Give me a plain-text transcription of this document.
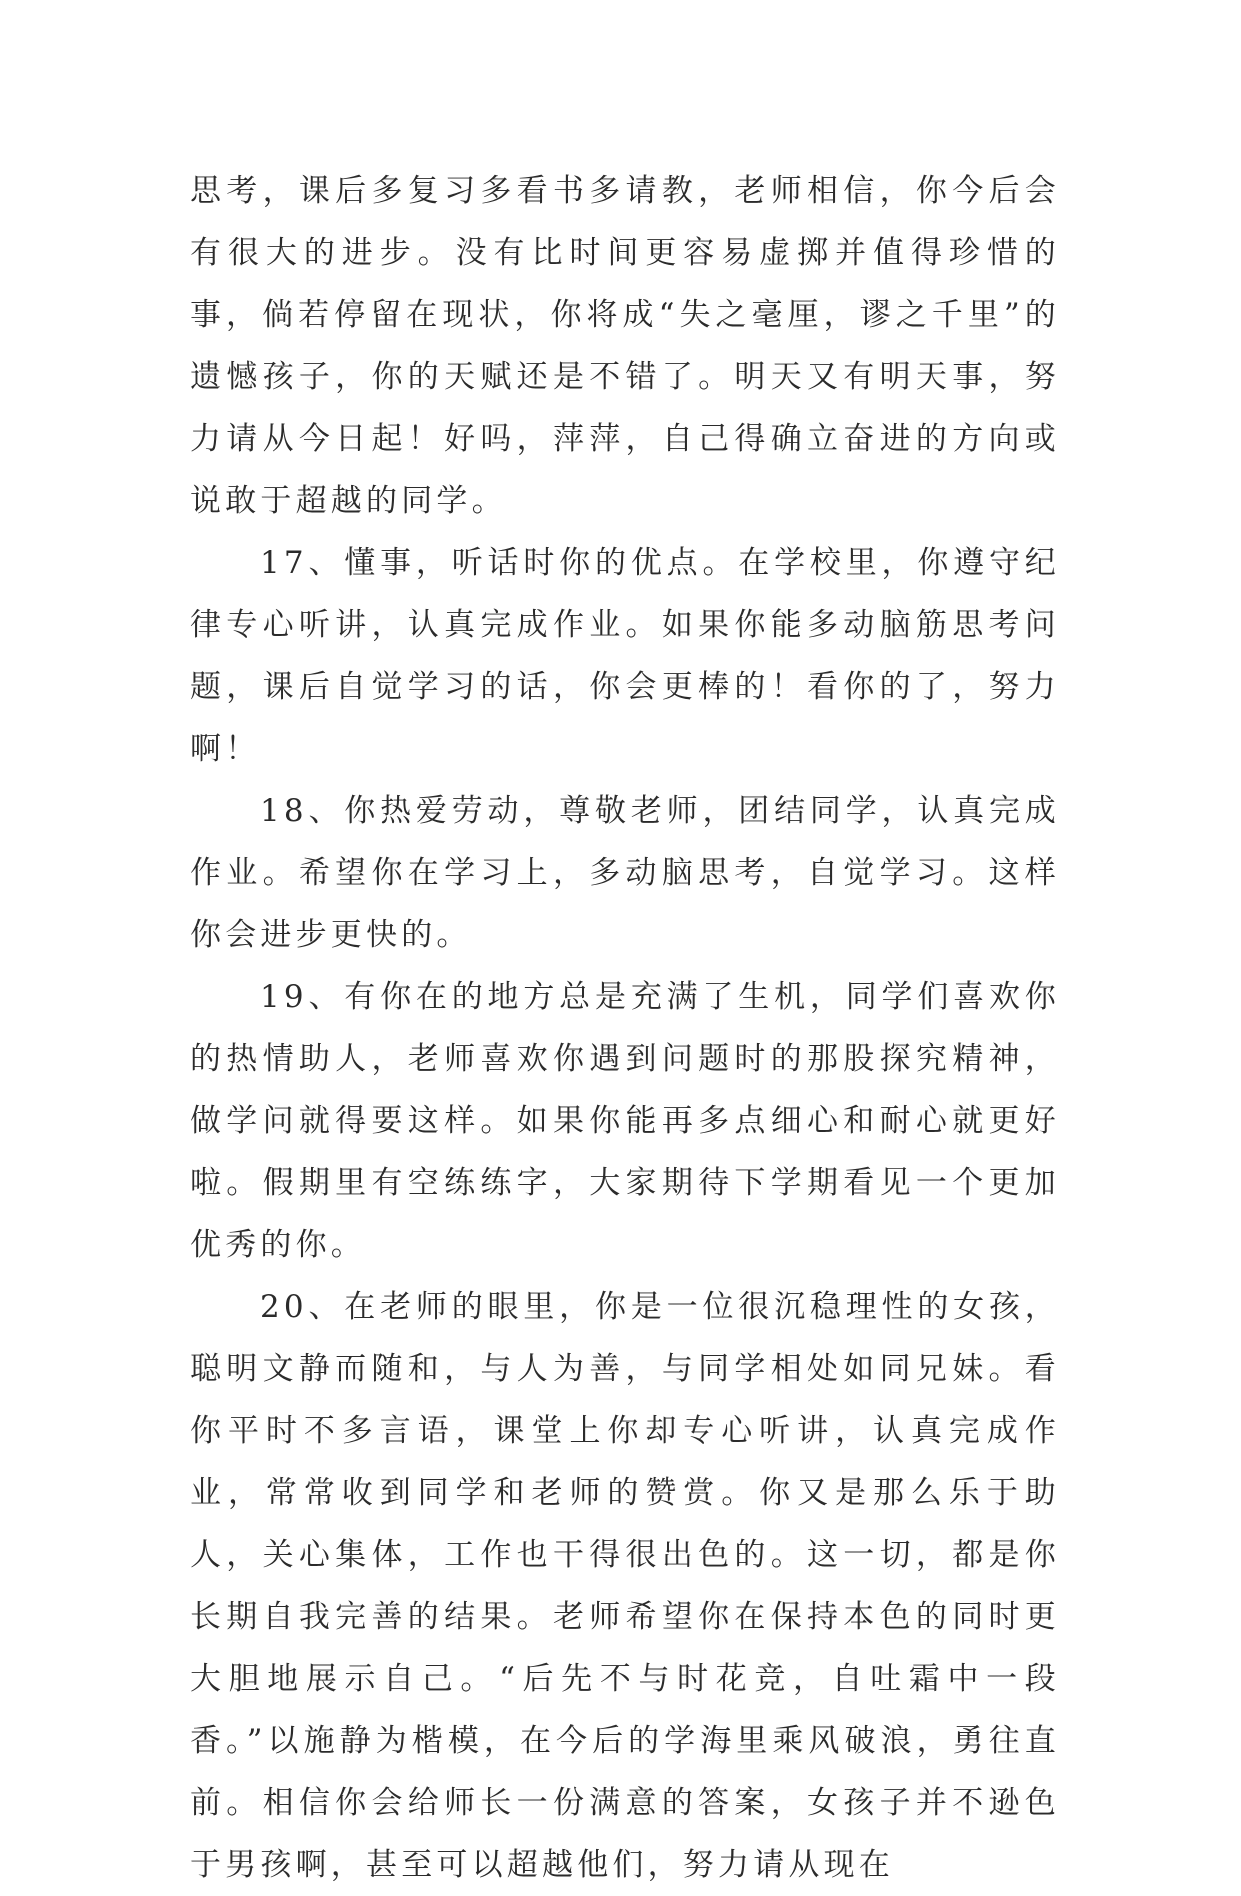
思考，课后多复习多看书多请教，老师相信，你今后会有很大的进步。没有比时间更容易虚掷并值得珍惜的事，倘若停留在现状，你将成“失之毫厘，谬之千里”的遗憾孩子，你的天赋还是不错了。明天又有明天事，努力请从今日起！好吗，萍萍，自己得确立奋进的方向或说敢于超越的同学。

17、懂事，听话时你的优点。在学校里，你遵守纪律专心听讲，认真完成作业。如果你能多动脑筋思考问题，课后自觉学习的话，你会更棒的！看你的了，努力啊！

18、你热爱劳动，尊敬老师，团结同学，认真完成作业。希望你在学习上，多动脑思考，自觉学习。这样你会进步更快的。

19、有你在的地方总是充满了生机，同学们喜欢你的热情助人，老师喜欢你遇到问题时的那股探究精神，做学问就得要这样。如果你能再多点细心和耐心就更好啦。假期里有空练练字，大家期待下学期看见一个更加优秀的你。

20、在老师的眼里，你是一位很沉稳理性的女孩，聪明文静而随和，与人为善，与同学相处如同兄妹。看你平时不多言语，课堂上你却专心听讲，认真完成作业，常常收到同学和老师的赞赏。你又是那么乐于助人，关心集体，工作也干得很出色的。这一切，都是你长期自我完善的结果。老师希望你在保持本色的同时更大胆地展示自己。“后先不与时花竞，自吐霜中一段香。”以施静为楷模，在今后的学海里乘风破浪，勇往直前。相信你会给师长一份满意的答案，女孩子并不逊色于男孩啊，甚至可以超越他们，努力请从现在
